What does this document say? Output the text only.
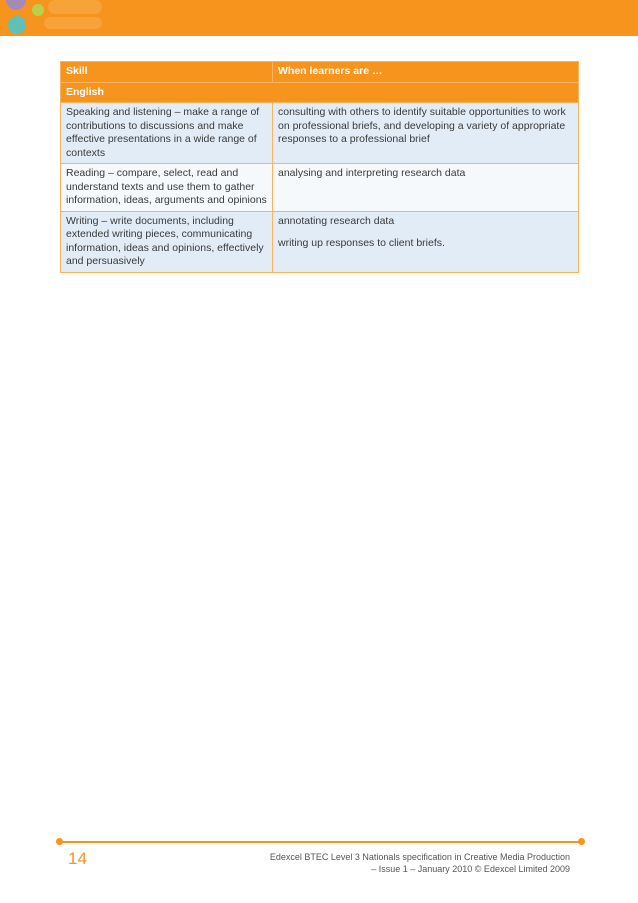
Skill	When learners are …
English	
Speaking and listening – make a range of contributions to discussions and make effective presentations in a wide range of contexts	consulting with others to identify suitable opportunities to work on professional briefs, and developing a variety of appropriate responses to a professional brief

Reading – compare, select, read and understand texts and use them to gather information, ideas, arguments and opinions	analysing and interpreting research data

Writing – write documents, including extended writing pieces, communicating information, ideas and opinions, effectively and persuasively	annotating research data
writing up responses to client briefs.
14	Edexcel BTEC Level 3 Nationals specification in Creative Media Production
– Issue 1 – January 2010 © Edexcel Limited 2009
